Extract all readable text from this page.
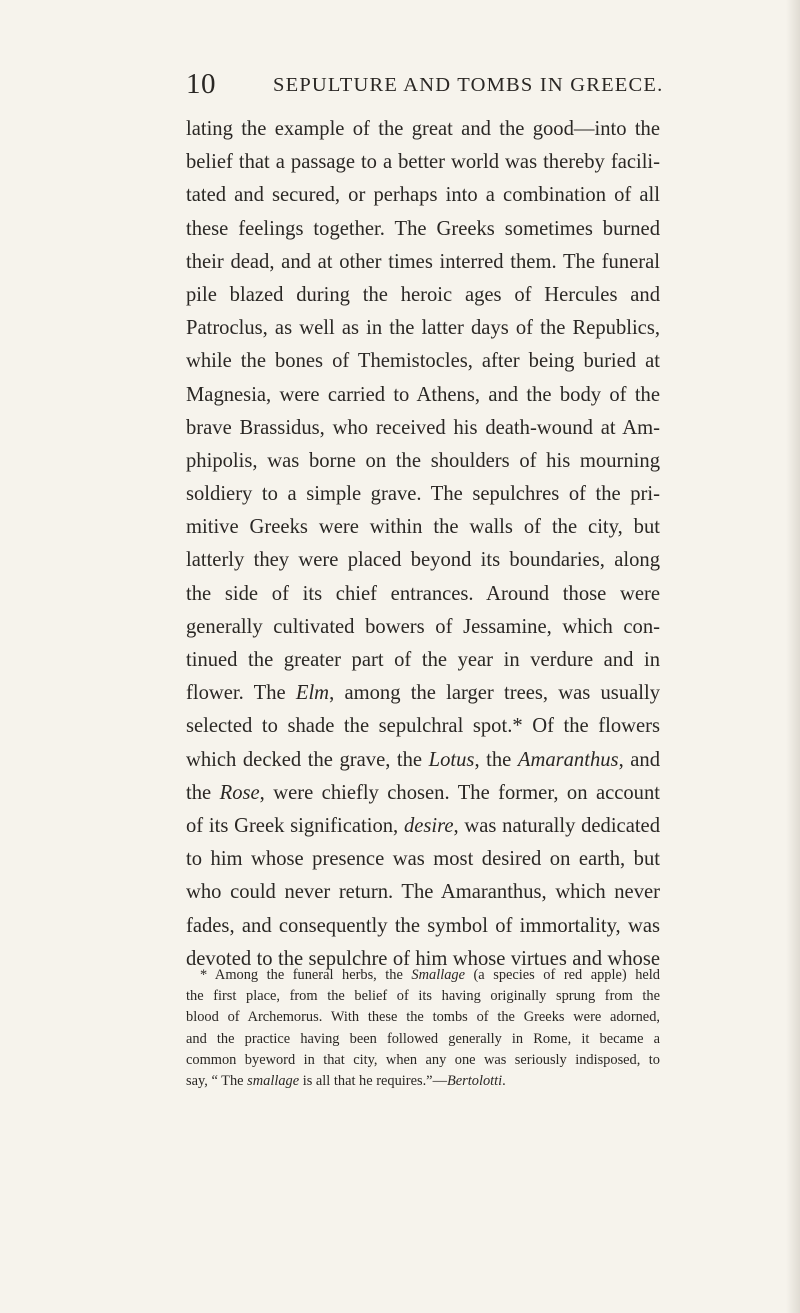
10	SEPULTURE AND TOMBS IN GREECE.
lating the example of the great and the good—into the
belief that a passage to a better world was thereby facili-
tated and secured, or perhaps into a combination of all
these feelings together. The Greeks sometimes burned
their dead, and at other times interred them. The funeral
pile blazed during the heroic ages of Hercules and
Patroclus, as well as in the latter days of the Republics,
while the bones of Themistocles, after being buried at
Magnesia, were carried to Athens, and the body of the
brave Brassidus, who received his death-wound at Am-
phipolis, was borne on the shoulders of his mourning
soldiery to a simple grave. The sepulchres of the pri-
mitive Greeks were within the walls of the city, but
latterly they were placed beyond its boundaries, along
the side of its chief entrances. Around those were
generally cultivated bowers of Jessamine, which con-
tinued the greater part of the year in verdure and in
flower. The Elm, among the larger trees, was usually
selected to shade the sepulchral spot.* Of the flowers
which decked the grave, the Lotus, the Amaranthus, and
the Rose, were chiefly chosen. The former, on account
of its Greek signification, desire, was naturally dedicated
to him whose presence was most desired on earth, but
who could never return. The Amaranthus, which never
fades, and consequently the symbol of immortality, was
devoted to the sepulchre of him whose virtues and whose
* Among the funeral herbs, the Smallage (a species of red apple) held
the first place, from the belief of its having originally sprung from the
blood of Archemorus. With these the tombs of the Greeks were adorned,
and the practice having been followed generally in Rome, it became a
common byeword in that city, when any one was seriously indisposed, to
say, “ The smallage is all that he requires.”—Bertolotti.
